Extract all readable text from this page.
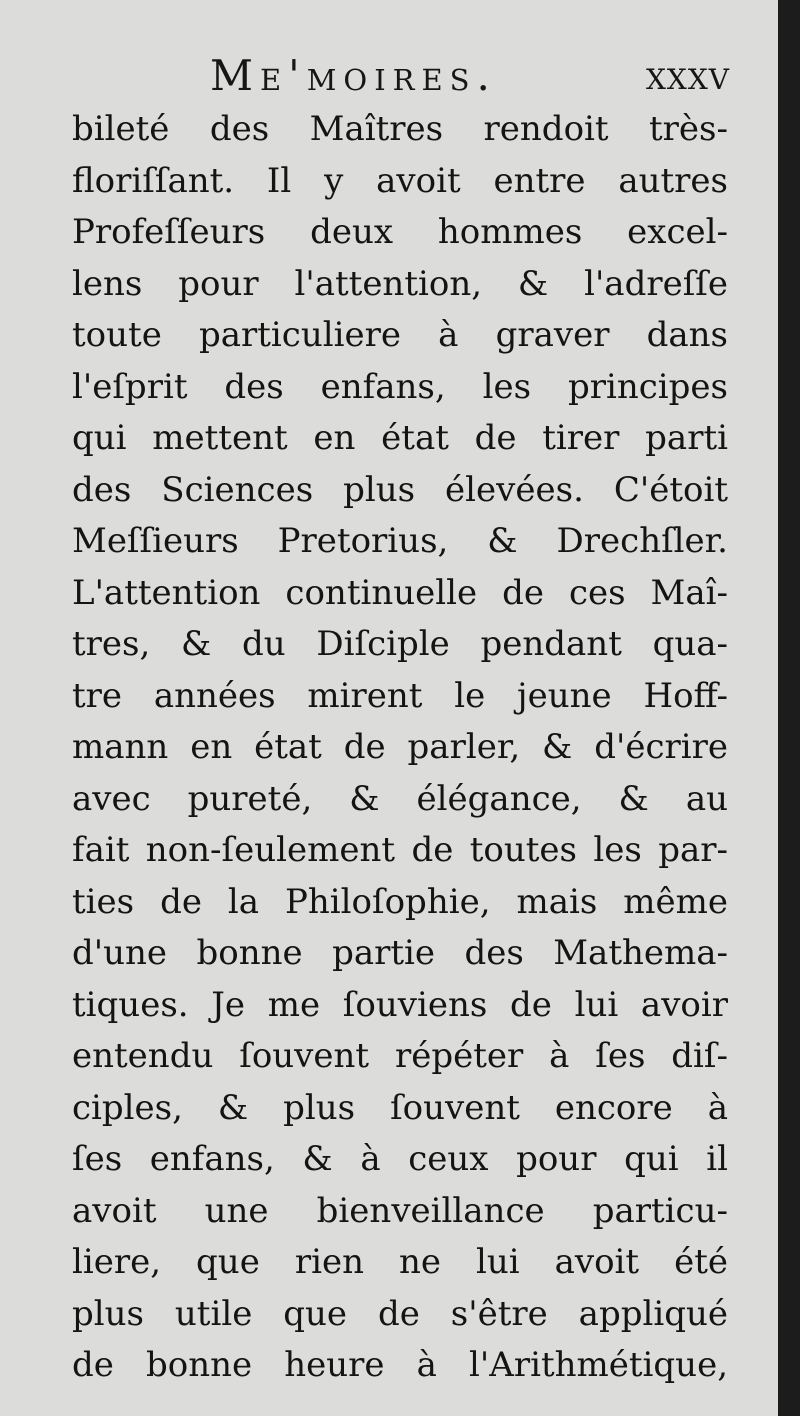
Me'moires.	xxxv
bileté des Maîtres rendoit très-
floriſſant. Il y avoit entre autres
Profeſſeurs deux hommes excel-
lens pour l'attention, & l'adreſſe
toute particuliere à graver dans
l'eſprit des enfans, les principes
qui mettent en état de tirer parti
des Sciences plus élevées. C'étoit
Meſſieurs Pretorius, & Drechſler.
L'attention continuelle de ces Maî-
tres, & du Diſciple pendant qua-
tre années mirent le jeune Hoff-
mann en état de parler, & d'écrire
avec pureté, & élégance, & au
fait non-ſeulement de toutes les par-
ties de la Philoſophie, mais même
d'une bonne partie des Mathema-
tiques. Je me ſouviens de lui avoir
entendu ſouvent répéter à ſes diſ-
ciples, & plus ſouvent encore à
ſes enfans, & à ceux pour qui il
avoit une bienveillance particu-
liere, que rien ne lui avoit été
plus utile que de s'être appliqué
de bonne heure à l'Arithmétique,
